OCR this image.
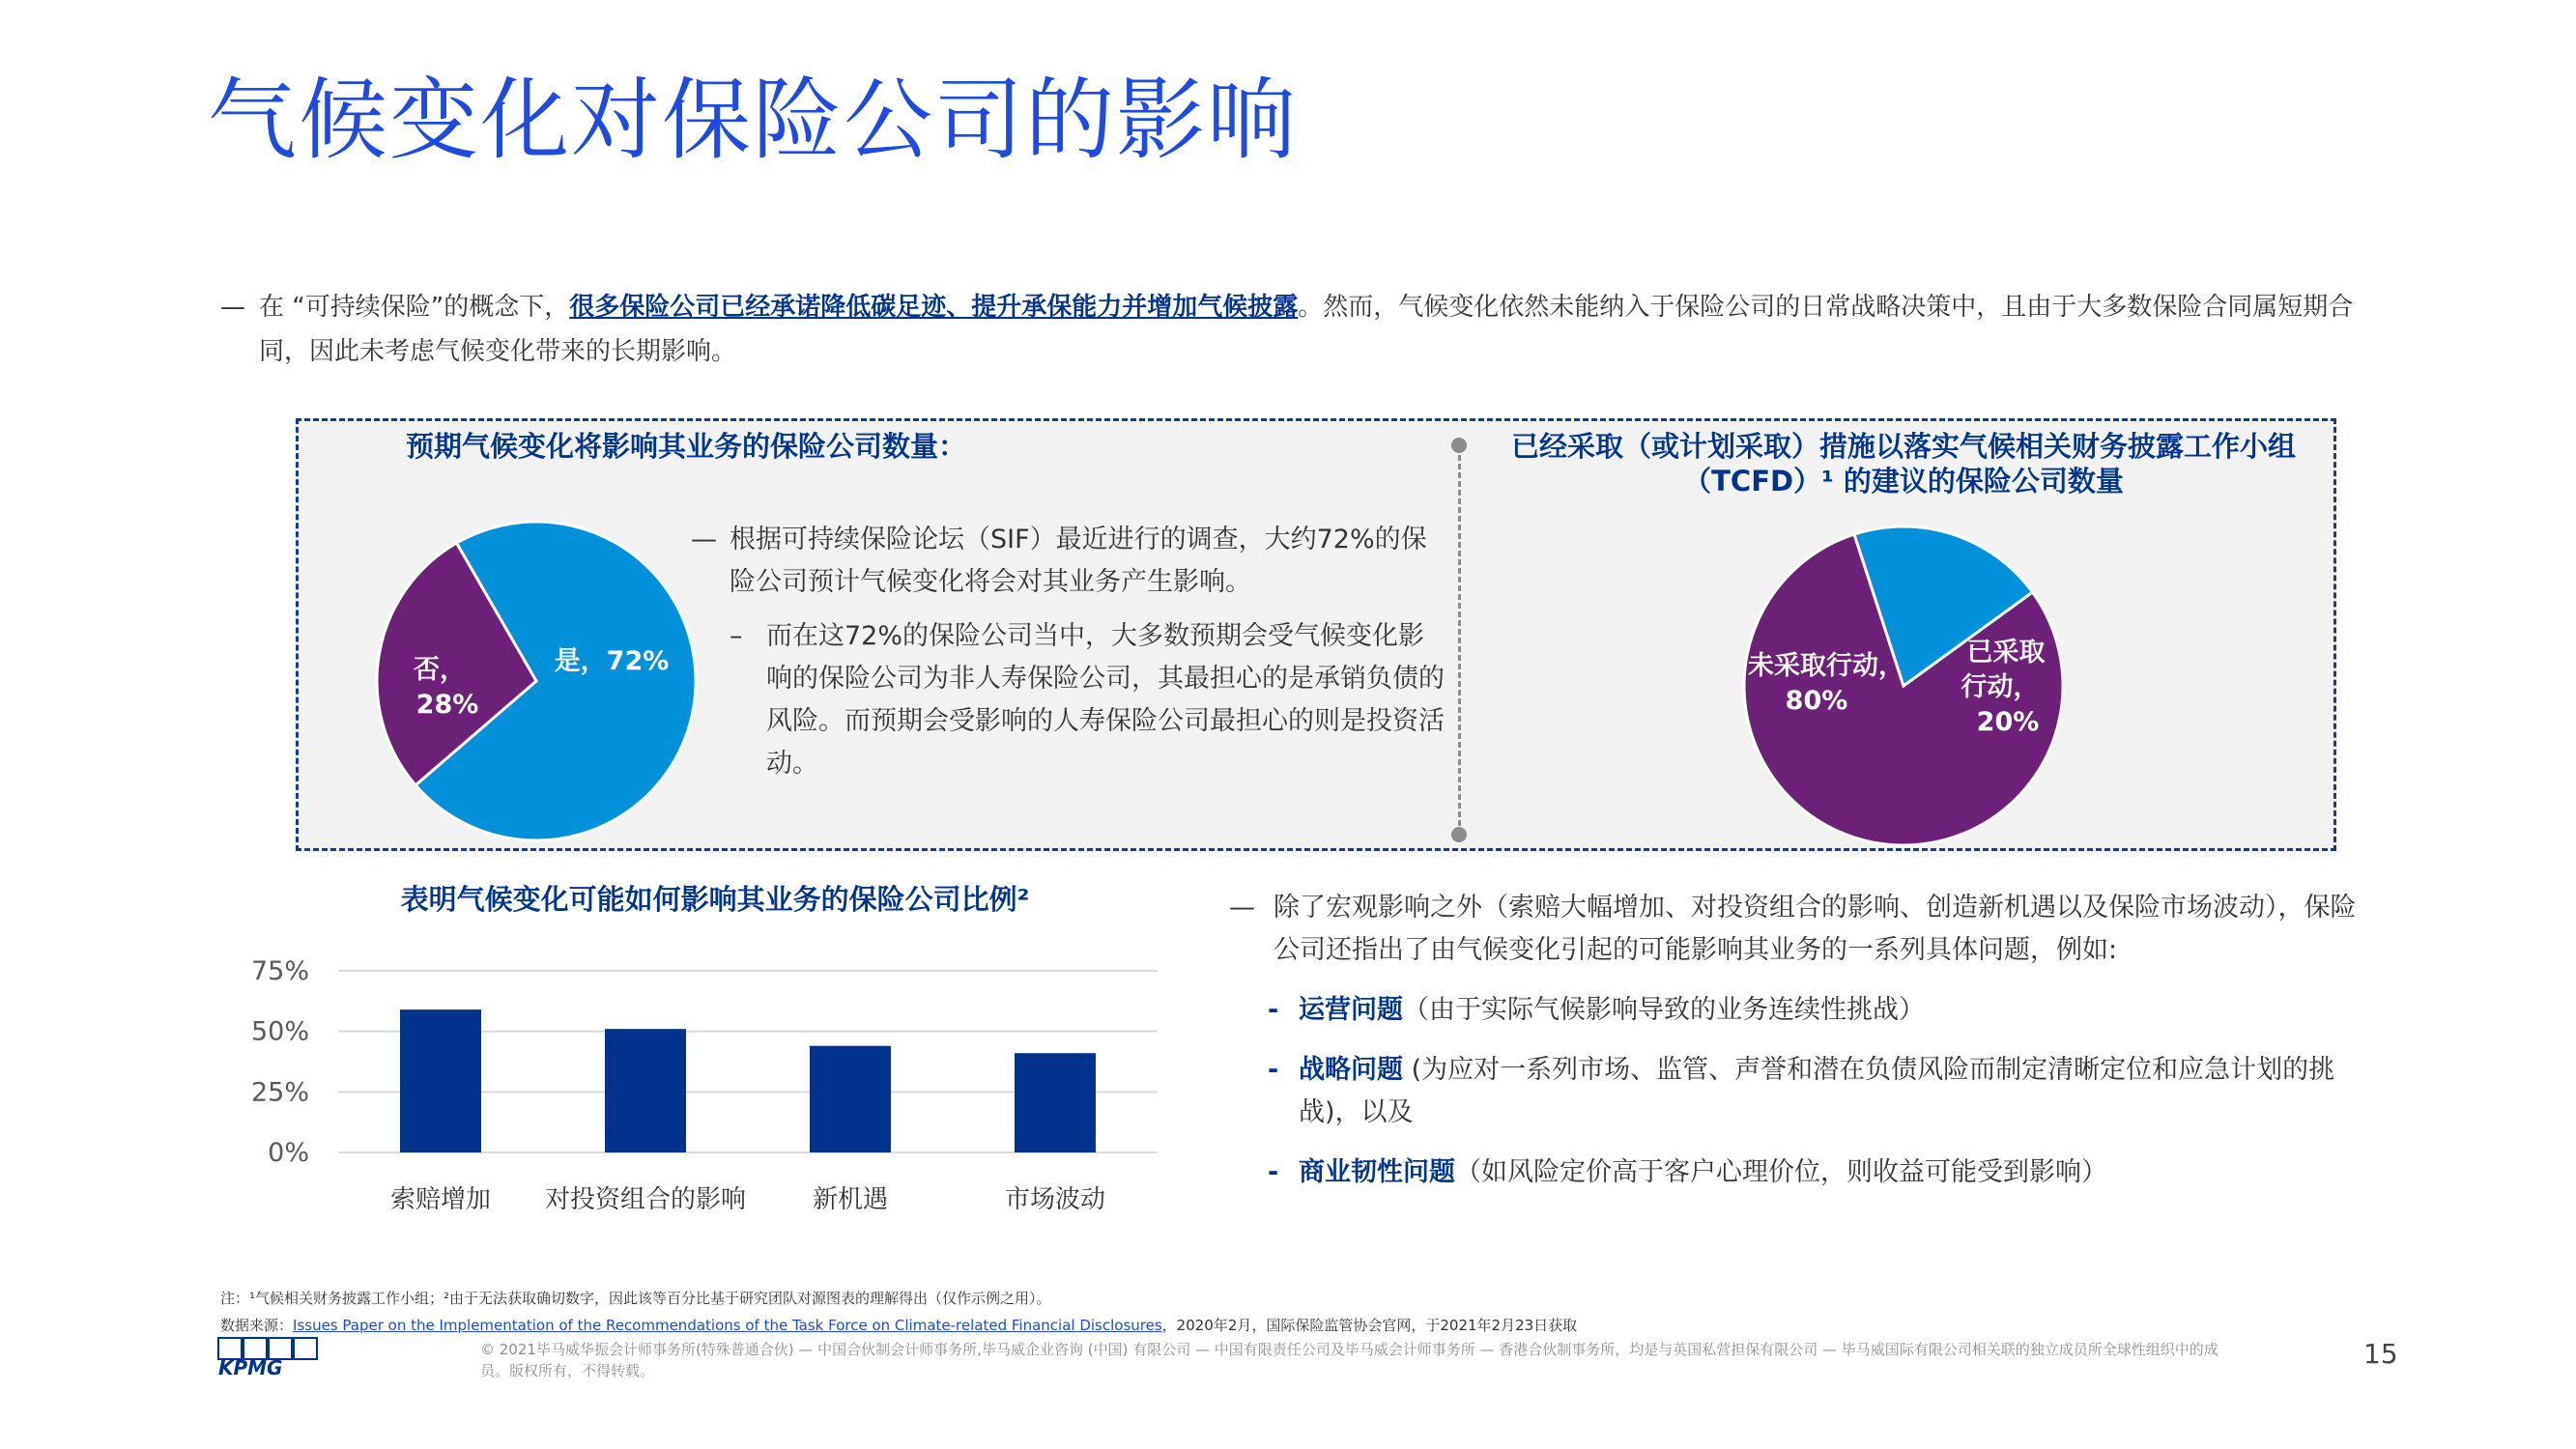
气候变化对保险公司的影响
— 在 “可持续保险”的概念下，很多保险公司已经承诺降低碳足迹、提升承保能力并增加气候披露。然而，气候变化依然未能纳入于保险公司的日常战略决策中，且由于大多数保险合同属短期合同，因此未考虑气候变化带来的长期影响。
预期气候变化将影响其业务的保险公司数量：
是，72%
否，
28%
— 根据可持续保险论坛（SIF）最近进行的调查，大约72%的保险公司预计气候变化将会对其业务产生影响。
– 而在这72%的保险公司当中，大多数预期会受气候变化影响的保险公司为非人寿保险公司，其最担心的是承销负债的风险。而预期会受影响的人寿保险公司最担心的则是投资活动。
已经采取（或计划采取）措施以落实气候相关财务披露工作小组（TCFD）¹ 的建议的保险公司数量
未采取行动，
80%
已采取
行动，
20%
表明气候变化可能如何影响其业务的保险公司比例²
0%
25%
50%
75%
索赔增加 对投资组合的影响	新机遇	市场波动
— 除了宏观影响之外（索赔大幅增加、对投资组合的影响、创造新机遇以及保险市场波动），保险公司还指出了由气候变化引起的可能影响其业务的一系列具体问题，例如:
- 运营问题（由于实际气候影响导致的业务连续性挑战）
- 战略问题 (为应对一系列市场、监管、声誉和潜在负债风险而制定清晰定位和应急计划的挑战)，以及
- 商业韧性问题（如风险定价高于客户心理价位，则收益可能受到影响）
注：¹气候相关财务披露工作小组；²由于无法获取确切数字，因此该等百分比基于研究团队对源图表的理解得出（仅作示例之用）。
数据来源：Issues Paper on the Implementation of the Recommendations of the Task Force on Climate-related Financial Disclosures，2020年2月，国际保险监管协会官网，于2021年2月23日获取
KPMG
© 2021毕马威华振会计师事务所(特殊普通合伙) — 中国合伙制会计师事务所,毕马威企业咨询 (中国) 有限公司 — 中国有限责任公司及毕马威会计师事务所 — 香港合伙制事务所，均是与英国私营担保有限公司 — 毕马威国际有限公司相关联的独立成员所全球性组织中的成员。版权所有，不得转载。
15
